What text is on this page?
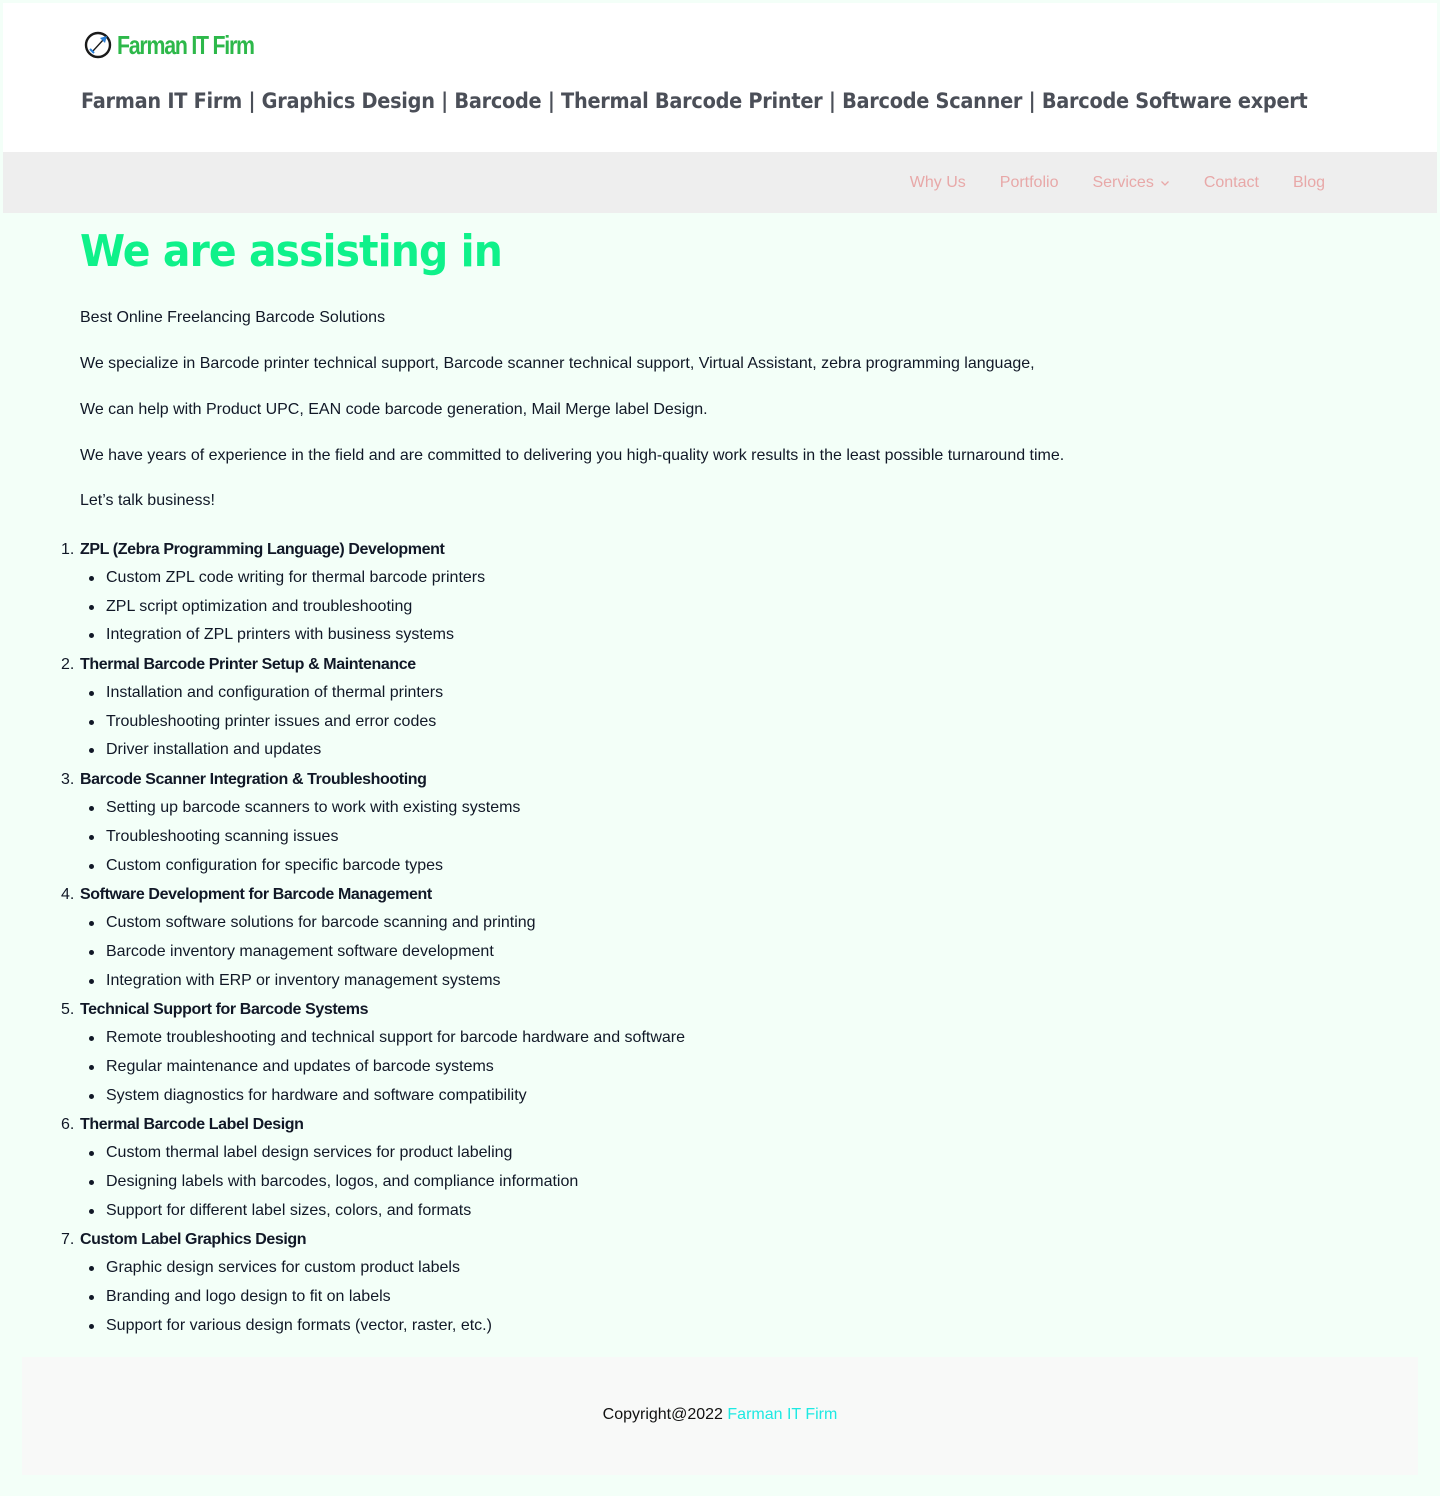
Farman IT Firm
Farman IT Firm | Graphics Design | Barcode | Thermal Barcode Printer | Barcode Scanner | Barcode Software expert
Why Us Portfolio Services	Contact Blog
We are assisting in

Best Online Freelancing Barcode Solutions

We specialize in Barcode printer technical support, Barcode scanner technical support, Virtual Assistant, zebra programming language,

We can help with Product UPC, EAN code barcode generation, Mail Merge label Design.

We have years of experience in the field and are committed to delivering you high-quality work results in the least possible turnaround time.

Let’s talk business!

1. ZPL (Zebra Programming Language) Development
Custom ZPL code writing for thermal barcode printers
ZPL script optimization and troubleshooting
Integration of ZPL printers with business systems
2. Thermal Barcode Printer Setup & Maintenance
Installation and configuration of thermal printers
Troubleshooting printer issues and error codes
Driver installation and updates
3. Barcode Scanner Integration & Troubleshooting
Setting up barcode scanners to work with existing systems
Troubleshooting scanning issues
Custom configuration for specific barcode types
4. Software Development for Barcode Management
Custom software solutions for barcode scanning and printing
Barcode inventory management software development
Integration with ERP or inventory management systems
5. Technical Support for Barcode Systems
Remote troubleshooting and technical support for barcode hardware and software
Regular maintenance and updates of barcode systems
System diagnostics for hardware and software compatibility
6. Thermal Barcode Label Design
Custom thermal label design services for product labeling
Designing labels with barcodes, logos, and compliance information
Support for different label sizes, colors, and formats
7. Custom Label Graphics Design
Graphic design services for custom product labels
Branding and logo design to fit on labels
Support for various design formats (vector, raster, etc.)
Copyright@2022 Farman IT Firm
